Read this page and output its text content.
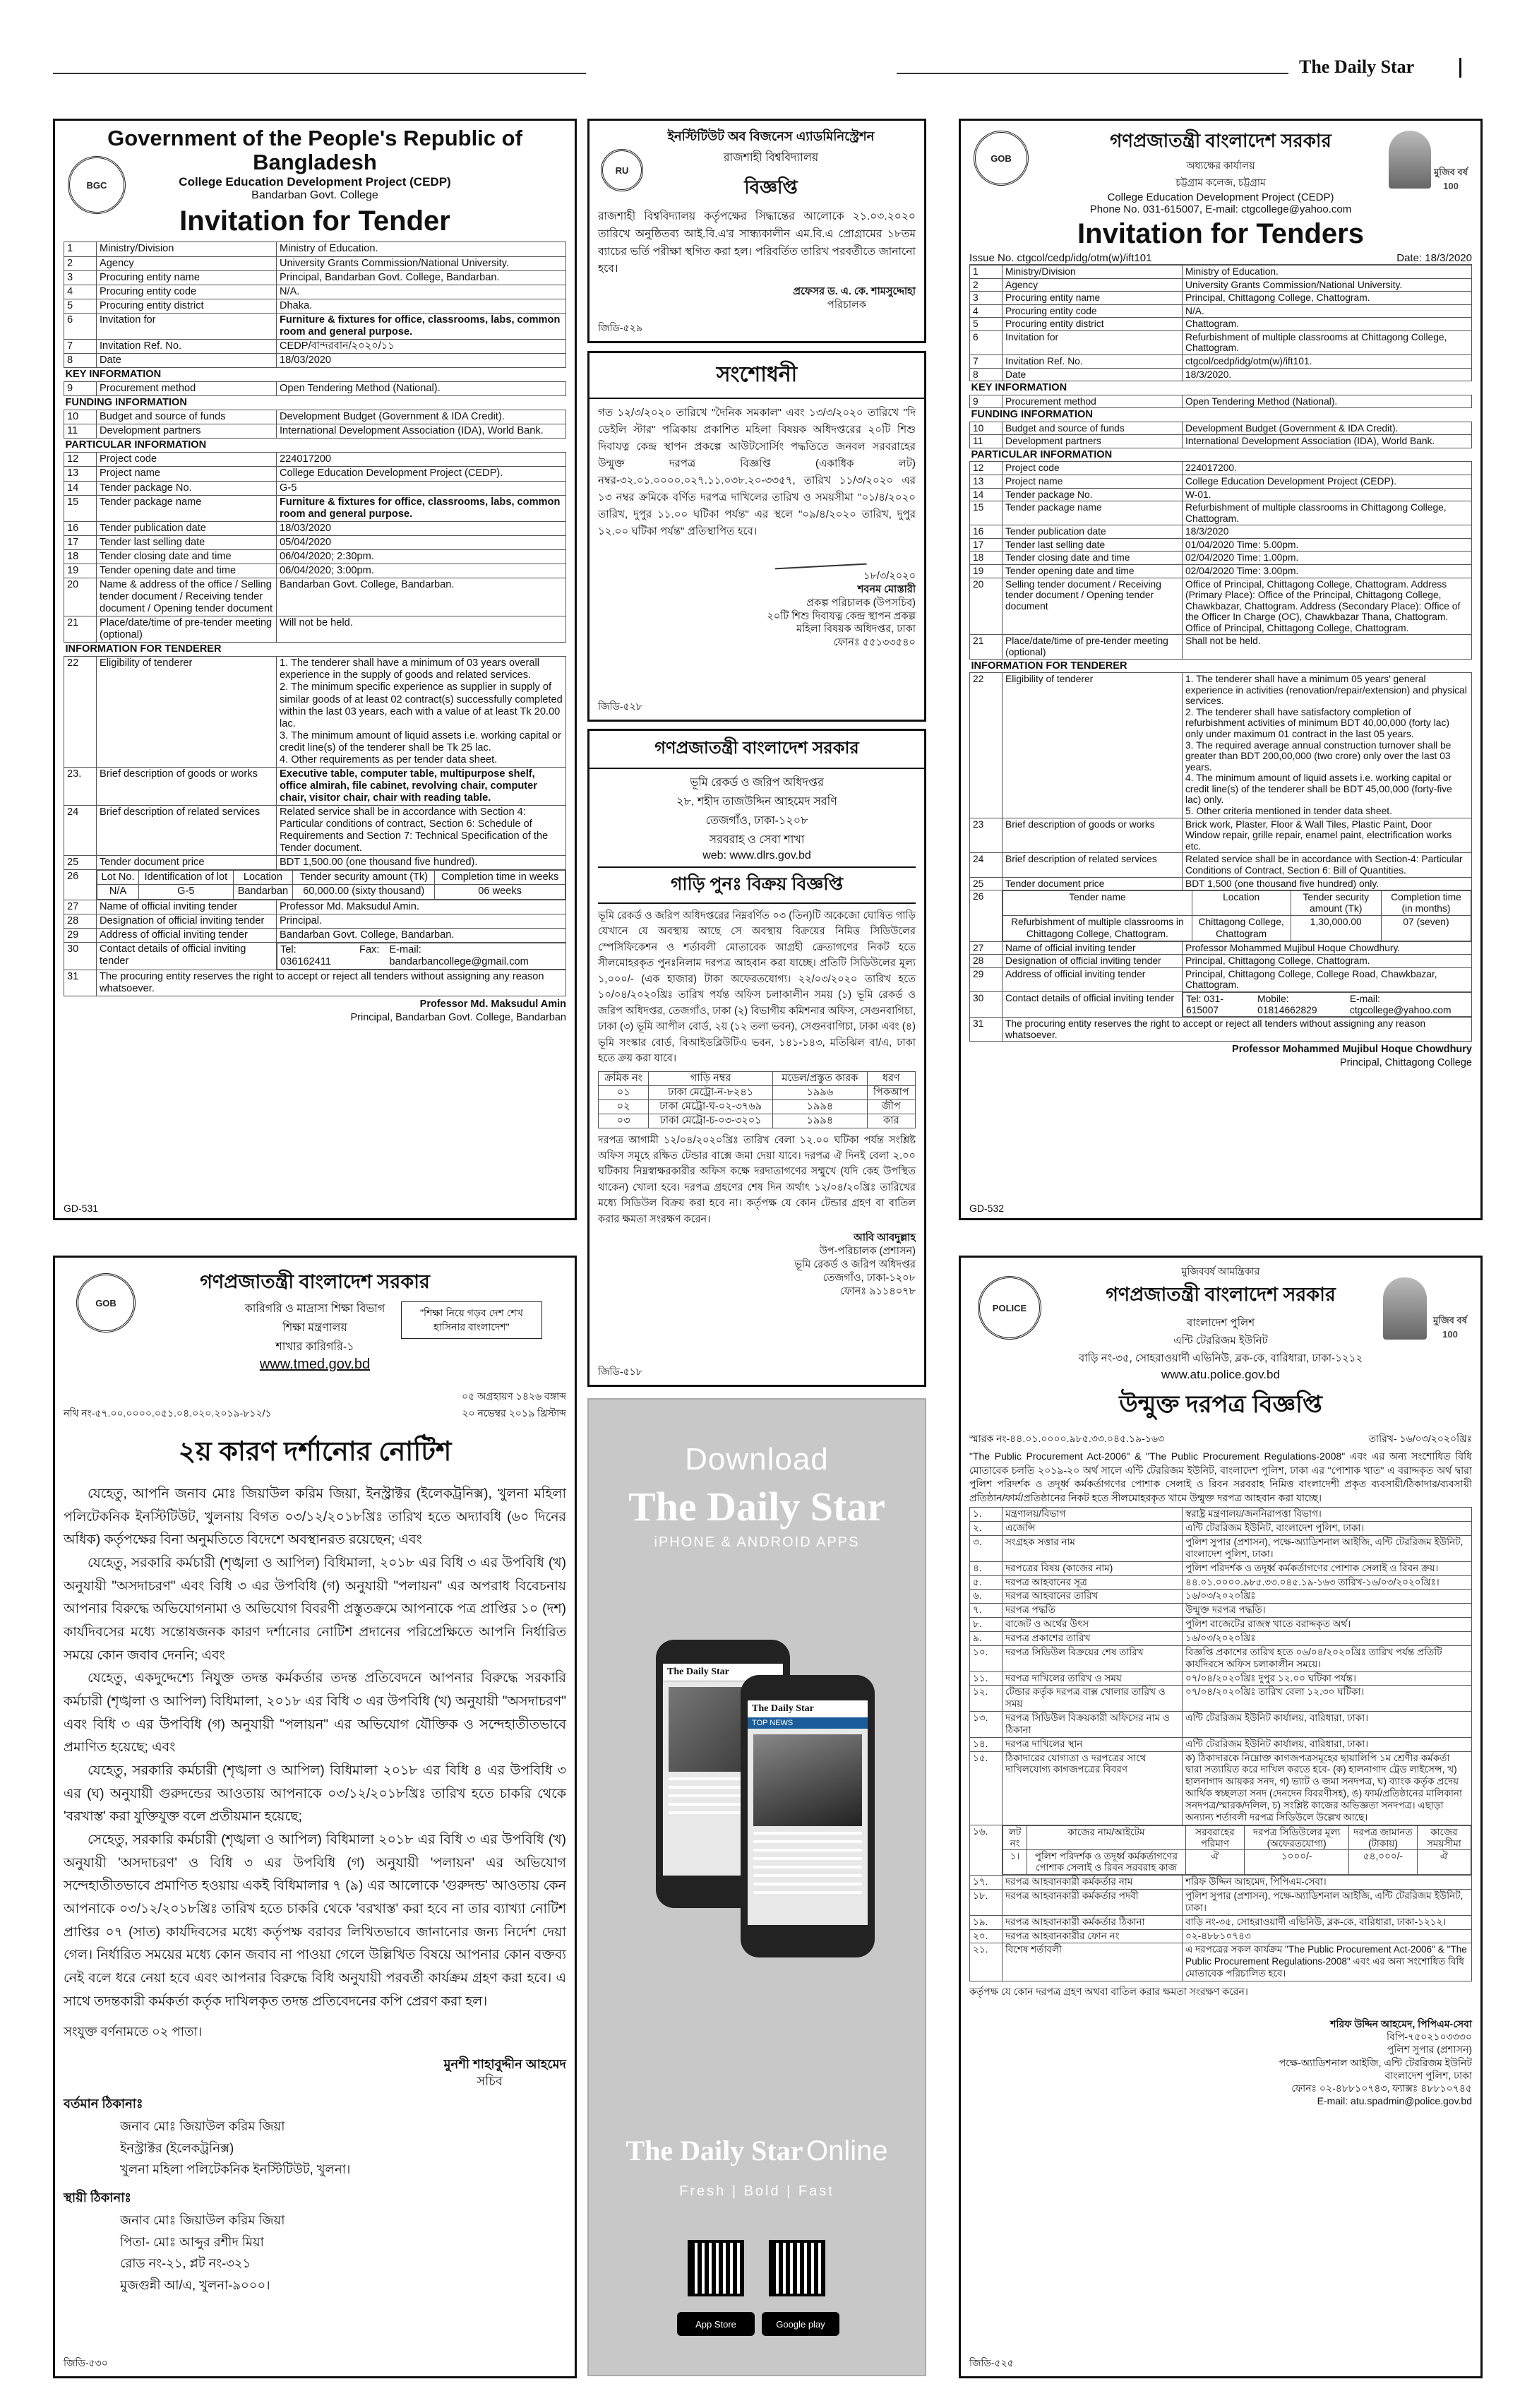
The Daily Star
BGC
Government of the People's Republic of Bangladesh
College Education Development Project (CEDP)
Bandarban Govt. College
Invitation for Tender
1	Ministry/Division	Ministry of Education.
2	Agency	University Grants Commission/National University.
3	Procuring entity name	Principal, Bandarban Govt. College, Bandarban.
4	Procuring entity code	N/A.
5	Procuring entity district	Dhaka.
6	Invitation for	Furniture & fixtures for office, classrooms, labs, common room and general purpose.
7	Invitation Ref. No.	CEDP/বান্দরবান/২০২০/১১
8	Date	18/03/2020
KEY INFORMATION
9	Procurement method	Open Tendering Method (National).
FUNDING INFORMATION
10	Budget and source of funds	Development Budget (Government & IDA Credit).
11	Development partners	International Development Association (IDA), World Bank.
PARTICULAR INFORMATION
12	Project code	224017200
13	Project name	College Education Development Project (CEDP).
14	Tender package No.	G-5
15	Tender package name	Furniture & fixtures for office, classrooms, labs, common room and general purpose.
16	Tender publication date	18/03/2020
17	Tender last selling date	05/04/2020
18	Tender closing date and time	06/04/2020; 2:30pm.
19	Tender opening date and time	06/04/2020; 3:00pm.
20	Name & address of the office / Selling tender document / Receiving tender document / Opening tender document	Bandarban Govt. College, Bandarban.
21	Place/date/time of pre-tender meeting (optional)	Will not be held.
INFORMATION FOR TENDERER
22	Eligibility of tenderer	1. The tenderer shall have a minimum of 03 years overall experience in the supply of goods and related services.
2. The minimum specific experience as supplier in supply of similar goods of at least 02 contract(s) successfully completed within the last 03 years, each with a value of at least Tk 20.00 lac.
3. The minimum amount of liquid assets i.e. working capital or credit line(s) of the tenderer shall be Tk 25 lac.
4. Other requirements as per tender data sheet.

23.	Brief description of goods or works	Executive table, computer table, multipurpose shelf, office almirah, file cabinet, revolving chair, computer chair, visitor chair, chair with reading table.
24	Brief description of related services	Related service shall be in accordance with Section 4: Particular conditions of contract, Section 6: Schedule of Requirements and Section 7: Technical Specification of the Tender document.
25	Tender document price	BDT 1,500.00 (one thousand five hundred).
26	Lot No.	Identification of lot	Location	Tender security amount (Tk)	Completion time in weeks
N/A	G-5	Bandarban	60,000.00 (sixty thousand)	06 weeks

27	Name of official inviting tender	Professor Md. Maksudul Amin.
28	Designation of official inviting tender	Principal.
29	Address of official inviting tender	Bandarban Govt. College, Bandarban.
30	Contact details of official inviting tender	
Tel: 036162411
Fax: E-mail: bandarbancollege@gmail.com

31	The procuring entity reserves the right to accept or reject all tenders without assigning any reason whatsoever.
Professor Md. Maksudul Amin
Principal, Bandarban Govt. College, Bandarban
GD-531
RU
ইনস্টিটিউট অব বিজনেস এ্যাডমিনিস্ট্রেশন
রাজশাহী বিশ্ববিদ্যালয়
বিজ্ঞপ্তি
রাজশাহী বিশ্ববিদ্যালয় কর্তৃপক্ষের সিদ্ধান্তের আলোকে ২১.০৩.২০২০ তারিখে অনুষ্ঠিতব্য আই.বি.এ'র সান্ধ্যকালীন এম.বি.এ প্রোগ্রামের ১৮তম ব্যাচের ভর্তি পরীক্ষা স্থগিত করা হল। পরিবর্তিত তারিখ পরবর্তীতে জানানো হবে।
প্রফেসর ড. এ. কে. শামসুদ্দোহা
পরিচালক
জিডি-৫২৯
সংশোধনী
গত ১২/৩/২০২০ তারিখে "দৈনিক সমকাল" এবং ১৩/৩/২০২০ তারিখে "দি ডেইলি স্টার" পত্রিকায় প্রকাশিত মহিলা বিষয়ক অধিদপ্তরের ২০টি শিশু দিবাযত্ন কেন্দ্র স্থাপন প্রকল্পে আউটসোর্সিং পদ্ধতিতে জনবল সরবরাহের উন্মুক্ত দরপত্র বিজ্ঞপ্তি (একাধিক লট) নম্বর-৩২.০১.০০০০.০২৭.১১.০৩৮.২০-৩৩৫৭, তারিখ ১১/৩/২০২০ এর ১৩ নম্বর ক্রমিকে বর্ণিত দরপত্র দাখিলের তারিখ ও সময়সীমা "০১/৪/২০২০ তারিখ, দুপুর ১১.০০ ঘটিকা পর্যন্ত" এর স্থলে "০৯/৪/২০২০ তারিখ, দুপুর ১২.০০ ঘটিকা পর্যন্ত" প্রতিস্থাপিত হবে।
১৮/৩/২০২০
শবনম মোস্তারী
প্রকল্প পরিচালক (উপসচিব)
২০টি শিশু দিবাযত্ন কেন্দ্র স্থাপন প্রকল্প
মহিলা বিষয়ক অধিদপ্তর, ঢাকা
ফোনঃ ৫৫১৩৩৫৪০
জিডি-৫২৮
গণপ্রজাতন্ত্রী বাংলাদেশ সরকার
ভূমি রেকর্ড ও জরিপ অধিদপ্তর
২৮, শহীদ তাজউদ্দিন আহমেদ সরণি
তেজগাঁও, ঢাকা-১২০৮
সরবরাহ ও সেবা শাখা
web: www.dlrs.gov.bd
গাড়ি পুনঃ বিক্রয় বিজ্ঞপ্তি
ভূমি রেকর্ড ও জরিপ অধিদপ্তরের নিম্নবর্ণিত ০৩ (তিন)টি অকেজো ঘোষিত গাড়ি যেখানে যে অবস্থায় আছে সে অবস্থায় বিক্রয়ের নিমিত্ত সিডিউলের স্পেসিফিকেশন ও শর্তাবলী মোতাবেক আগ্রহী ক্রেতাগণের নিকট হতে সীলমোহরকৃত পুনঃনিলাম দরপত্র আহবান করা যাচ্ছে। প্রতিটি সিডিউলের মূল্য ১,০০০/- (এক হাজার) টাকা অফেরতযোগ্য। ২২/০৩/২০২০ তারিখ হতে ১০/০৪/২০২০খ্রিঃ তারিখ পর্যন্ত অফিস চলাকালীন সময় (১) ভূমি রেকর্ড ও জরিপ অধিদপ্তর, তেজগাঁও, ঢাকা (২) বিভাগীয় কমিশনার অফিস, সেগুনবাগিচা, ঢাকা (৩) ভূমি আপীল বোর্ড, ২য় (১২ তলা ভবন), সেগুনবাগিচা, ঢাকা এবং (৪) ভূমি সংস্কার বোর্ড, বিআইডব্লিউটিএ ভবন, ১৪১-১৪৩, মতিঝিল বা/এ, ঢাকা হতে ক্রয় করা যাবে।
ক্রমিক নং	গাড়ি নম্বর	মডেল/প্রস্তুত কারক	ধরণ
০১	ঢাকা মেট্রো-ন-৮২৪১	১৯৯৬	পিকআপ
০২	ঢাকা মেট্রো-ঘ-০২-৩৭৬৯	১৯৯৪	জীপ
০৩	ঢাকা মেট্রো-চ-০৩-৩২০১	১৯৯৪	কার
দরপত্র আগামী ১২/০৪/২০২০খ্রিঃ তারিখ বেলা ১২.০০ ঘটিকা পর্যন্ত সংশ্লিষ্ট অফিস সমূহে রক্ষিত টেন্ডার বাক্সে জমা দেয়া যাবে। দরপত্র ঐ দিনই বেলা ২.০০ ঘটিকায় নিম্নস্বাক্ষরকারীর অফিস কক্ষে দরদাতাগণের সম্মুখে (যদি কেহ উপস্থিত থাকেন) খোলা হবে। দরপত্র গ্রহণের শেষ দিন অর্থাৎ ১২/০৪/২০খ্রিঃ তারিখের মধ্যে সিডিউল বিক্রয় করা হবে না। কর্তৃপক্ষ যে কোন টেন্ডার গ্রহণ বা বাতিল করার ক্ষমতা সংরক্ষণ করেন।
আবি আবদুল্লাহ
উপ-পরিচালক (প্রশাসন)
ভূমি রেকর্ড ও জরিপ অধিদপ্তর
তেজগাঁও, ঢাকা-১২০৮
ফোনঃ ৯১১৪০৭৮
জিডি-৫১৮
GOB
মুজিব বর্ষ 100
গণপ্রজাতন্ত্রী বাংলাদেশ সরকার
অধ্যক্ষের কার্যালয়
চট্টগ্রাম কলেজ, চট্টগ্রাম
College Education Development Project (CEDP)
Phone No. 031-615007, E-mail: ctgcollege@yahoo.com
Invitation for Tenders
Issue No. ctgcol/cedp/idg/otm(w)/ift101	Date: 18/3/2020
1	Ministry/Division	Ministry of Education.
2	Agency	University Grants Commission/National University.
3	Procuring entity name	Principal, Chittagong College, Chattogram.
4	Procuring entity code	N/A.
5	Procuring entity district	Chattogram.
6	Invitation for	Refurbishment of multiple classrooms at Chittagong College, Chattogram.
7	Invitation Ref. No.	ctgcol/cedp/idg/otm(w)/ift101.
8	Date	18/3/2020.
KEY INFORMATION
9	Procurement method	Open Tendering Method (National).
FUNDING INFORMATION
10	Budget and source of funds	Development Budget (Government & IDA Credit).
11	Development partners	International Development Association (IDA), World Bank.
PARTICULAR INFORMATION
12	Project code	224017200.
13	Project name	College Education Development Project (CEDP).
14	Tender package No.	W-01.
15	Tender package name	Refurbishment of multiple classrooms in Chittagong College, Chattogram.
16	Tender publication date	18/3/2020
17	Tender last selling date	01/04/2020 Time: 5.00pm.
18	Tender closing date and time	02/04/2020 Time: 1.00pm.
19	Tender opening date and time	02/04/2020 Time: 3.00pm.
20	Selling tender document / Receiving tender document / Opening tender document	Office of Principal, Chittagong College, Chattogram. Address (Primary Place): Office of the Principal, Chittagong College, Chawkbazar, Chattogram. Address (Secondary Place): Office of the Officer In Charge (OC), Chawkbazar Thana, Chattogram. Office of Principal, Chittagong College, Chattogram.
21	Place/date/time of pre-tender meeting (optional)	Shall not be held.
INFORMATION FOR TENDERER
22	Eligibility of tenderer	1. The tenderer shall have a minimum 05 years' general experience in activities (renovation/repair/extension) and physical services.
2. The tenderer shall have satisfactory completion of refurbishment activities of minimum BDT 40,00,000 (forty lac) only under maximum 01 contract in the last 05 years.
3. The required average annual construction turnover shall be greater than BDT 200,00,000 (two crore) only over the last 03 years.
4. The minimum amount of liquid assets i.e. working capital or credit line(s) of the tenderer shall be BDT 45,00,000 (forty-five lac) only.
5. Other criteria mentioned in tender data sheet.

23	Brief description of goods or works	Brick work, Plaster, Floor & Wall Tiles, Plastic Paint, Door Window repair, grille repair, enamel paint, electrification works etc.
24	Brief description of related services	Related service shall be in accordance with Section-4: Particular Conditions of Contract, Section 6: Bill of Quantities.
25	Tender document price	BDT 1,500 (one thousand five hundred) only.
26		Tender name	Location	Tender security amount (Tk)	Completion time (in months)
Refurbishment of multiple classrooms in Chittagong College, Chattogram.	Chittagong College, Chattogram	1,30,000.00	07 (seven)

27	Name of official inviting tender	Professor Mohammed Mujibul Hoque Chowdhury.
28	Designation of official inviting tender	Principal, Chittagong College, Chattogram.
29	Address of official inviting tender	Principal, Chittagong College, College Road, Chawkbazar, Chattogram.
30	Contact details of official inviting tender	Tel: 031-615007
Mobile: 01814662829
E-mail: ctgcollege@yahoo.com

31	The procuring entity reserves the right to accept or reject all tenders without assigning any reason whatsoever.
Professor Mohammed Mujibul Hoque Chowdhury
Principal, Chittagong College
GD-532
GOB
গণপ্রজাতন্ত্রী বাংলাদেশ সরকার
কারিগরি ও মাদ্রাসা শিক্ষা বিভাগ
শিক্ষা মন্ত্রণালয়
শাখার কারিগরি-১
www.tmed.gov.bd
"শিক্ষা নিয়ে গড়ব দেশ শেখ হাসিনার বাংলাদেশ"
নথি নং-৫৭.০০.০০০০.০৫১.০৪.০২০.২০১৯-৮১২/১
০৫ অগ্রহায়ণ ১৪২৬ বঙ্গাব্দ
২০ নভেম্বর ২০১৯ খ্রিস্টাব্দ
২য় কারণ দর্শানোর নোটিশ

যেহেতু, আপনি জনাব মোঃ জিয়াউল করিম জিয়া, ইনস্ট্রাক্টর (ইলেকট্রনিক্স), খুলনা মহিলা পলিটেকনিক ইনস্টিটিউট, খুলনায় বিগত ০৩/১২/২০১৮খ্রিঃ তারিখ হতে অদ্যাবধি (৬০ দিনের অধিক) কর্তৃপক্ষের বিনা অনুমতিতে বিদেশে অবস্থানরত রয়েছেন; এবং

যেহেতু, সরকারি কর্মচারী (শৃঙ্খলা ও আপিল) বিধিমালা, ২০১৮ এর বিধি ৩ এর উপবিধি (খ) অনুযায়ী "অসদাচরণ" এবং বিধি ৩ এর উপবিধি (গ) অনুযায়ী "পলায়ন" এর অপরাধ বিবেচনায় আপনার বিরুদ্ধে অভিযোগনামা ও অভিযোগ বিবরণী প্রস্তুতক্রমে আপনাকে পত্র প্রাপ্তির ১০ (দশ) কার্যদিবসের মধ্যে সন্তোষজনক কারণ দর্শানোর নোটিশ প্রদানের পরিপ্রেক্ষিতে আপনি নির্ধারিত সময়ে কোন জবাব দেননি; এবং

যেহেতু, একদুদ্দেশ্যে নিযুক্ত তদন্ত কর্মকর্তার তদন্ত প্রতিবেদনে আপনার বিরুদ্ধে সরকারি কর্মচারী (শৃঙ্খলা ও আপিল) বিধিমালা, ২০১৮ এর বিধি ৩ এর উপবিধি (খ) অনুযায়ী "অসদাচরণ" এবং বিধি ৩ এর উপবিধি (গ) অনুযায়ী "পলায়ন" এর অভিযোগ যৌক্তিক ও সন্দেহাতীতভাবে প্রমাণিত হয়েছে; এবং

যেহেতু, সরকারি কর্মচারী (শৃঙ্খলা ও আপিল) বিধিমালা ২০১৮ এর বিধি ৪ এর উপবিধি ৩ এর (ঘ) অনুযায়ী গুরুদন্ডের আওতায় আপনাকে ০৩/১২/২০১৮খ্রিঃ তারিখ হতে চাকরি থেকে 'বরখাস্ত' করা যুক্তিযুক্ত বলে প্রতীয়মান হয়েছে;

সেহেতু, সরকারি কর্মচারী (শৃঙ্খলা ও আপিল) বিধিমালা ২০১৮ এর বিধি ৩ এর উপবিধি (খ) অনুযায়ী 'অসদাচরণ' ও বিধি ৩ এর উপবিধি (গ) অনুযায়ী 'পলায়ন' এর অভিযোগ সন্দেহাতীতভাবে প্রমাণিত হওয়ায় একই বিধিমালার ৭ (৯) এর আলোকে 'গুরুদন্ড' আওতায় কেন আপনাকে ০৩/১২/২০১৮খ্রিঃ তারিখ হতে চাকরি থেকে 'বরখাস্ত' করা হবে না তার ব্যাখ্যা নোটিশ প্রাপ্তির ০৭ (সাত) কার্যদিবসের মধ্যে কর্তৃপক্ষ বরাবর লিখিতভাবে জানানোর জন্য নির্দেশ দেয়া গেল। নির্ধারিত সময়ের মধ্যে কোন জবাব না পাওয়া গেলে উল্লিখিত বিষয়ে আপনার কোন বক্তব্য নেই বলে ধরে নেয়া হবে এবং আপনার বিরুদ্ধে বিধি অনুযায়ী পরবর্তী কার্যক্রম গ্রহণ করা হবে। এ সাথে তদন্তকারী কর্মকর্তা কর্তৃক দাখিলকৃত তদন্ত প্রতিবেদনের কপি প্রেরণ করা হল।

সংযুক্ত বর্ণনামতে ০২ পাতা।
মুনশী শাহাবুদ্দীন আহমেদ
সচিব
বর্তমান ঠিকানাঃ
জনাব মোঃ জিয়াউল করিম জিয়া
ইনস্ট্রাক্টর (ইলেকট্রনিক্স)
খুলনা মহিলা পলিটেকনিক ইনস্টিটিউট, খুলনা।
স্থায়ী ঠিকানাঃ
জনাব মোঃ জিয়াউল করিম জিয়া
পিতা- মোঃ আব্দুর রশীদ মিয়া
রোড নং-২১, প্লট নং-৩২১
মুজগুন্নী আ/এ, খুলনা-৯০০০।
জিডি-৫৩০
Download
The Daily Star
iPHONE & ANDROID APPS
The Daily Star
The Daily Star
TOP NEWS
The Daily Star Online
Fresh | Bold | Fast
App Store	Google play
POLICE
মুজিব বর্ষ 100
মুজিববর্ষ আমন্ত্রিকার
গণপ্রজাতন্ত্রী বাংলাদেশ সরকার
বাংলাদেশ পুলিশ
এন্টি টেররিজম ইউনিট
বাড়ি নং-৩৫, সোহরাওয়ার্দী এভিনিউ, ব্লক-কে, বারিধারা, ঢাকা-১২১২
www.atu.police.gov.bd
উন্মুক্ত দরপত্র বিজ্ঞপ্তি
স্মারক নং-৪৪.০১.০০০০.৯৮৫.৩৩.০৪৫.১৯-১৬৩	তারিখ- ১৬/০৩/২০২০খ্রিঃ
"The Public Procurement Act-2006" & "The Public Procurement Regulations-2008" এবং এর অন্য সংশোধিত বিধি মোতাবেক চলতি ২০১৯-২০ অর্থ সালে এন্টি টেররিজম ইউনিট, বাংলাদেশ পুলিশ, ঢাকা এর "পোশাক খাত" এ বরাদ্দকৃত অর্থ দ্বারা পুলিশ পরিদর্শক ও তদূর্ধ্ব কর্মকর্তাগণের পোশাক সেলাই ও রিবন সরবরাহ নিমিত্ত বাংলাদেশী প্রকৃত ব্যবসায়ী/ঠিকাদার/ব্যবসায়ী প্রতিষ্ঠান/ফার্ম/প্রতিষ্ঠানের নিকট হতে সীলমোহরকৃত খামে উন্মুক্ত দরপত্র আহবান করা যাচ্ছে।
১.	মন্ত্রণালয়/বিভাগ	স্বরাষ্ট্র মন্ত্রণালয়/জননিরাপত্তা বিভাগ।
২.	এজেন্সি	এন্টি টেররিজম ইউনিট, বাংলাদেশ পুলিশ, ঢাকা।
৩.	সংগ্রহক সত্তার নাম	পুলিশ সুপার (প্রশাসন), পক্ষে-অ্যাডিশনাল আইজি, এন্টি টেররিজম ইউনিট, বাংলাদেশ পুলিশ, ঢাকা।
৪.	দরপত্রের বিষয় (কাজের নাম)	পুলিশ পরিদর্শক ও তদূর্ধ্ব কর্মকর্তাগণের পোশাক সেলাই ও রিবন ক্রয়।
৫.	দরপত্র আহবানের সূত্র	৪৪.০১.০০০০.৯৮৫.৩৩.০৪৫.১৯-১৬৩ তারিখ-১৬/০৩/২০২০খ্রিঃ।
৬.	দরপত্র আহবানের তারিখ	১৬/০৩/২০২০খ্রিঃ
৭.	দরপত্র পদ্ধতি	উন্মুক্ত দরপত্র পদ্ধতি।
৮.	বাজেট ও অর্থের উৎস	পুলিশ বাজেটের রাজস্ব খাতে বরাদ্দকৃত অর্থ।
৯.	দরপত্র প্রকাশের তারিখ	১৬/০৩/২০২০খ্রিঃ
১০.	দরপত্র সিডিউল বিক্রয়ের শেষ তারিখ	বিজ্ঞপ্তি প্রকাশের তারিখ হতে ০৬/০৪/২০২০খ্রিঃ তারিখ পর্যন্ত প্রতিটি কার্যদিবসে অফিস চলাকালীন সময়ে।
১১.	দরপত্র দাখিলের তারিখ ও সময়	০৭/০৪/২০২০খ্রিঃ দুপুর ১২.০০ ঘটিকা পর্যন্ত।
১২.	টেন্ডার কর্তৃক দরপত্র বাক্স খোলার তারিখ ও সময়	০৭/০৪/২০২০খ্রিঃ তারিখ বেলা ১২.৩০ ঘটিকা।
১৩.	দরপত্র সিডিউল বিক্রয়কারী অফিসের নাম ও ঠিকানা	এন্টি টেররিজম ইউনিট কার্যালয়, বারিধারা, ঢাকা।
১৪.	দরপত্র দাখিলের স্থান	এন্টি টেররিজম ইউনিট কার্যালয়, বারিধারা, ঢাকা।
১৫.	ঠিকাদারের যোগ্যতা ও দরপত্রের সাথে দাখিলযোগ্য কাগজপত্রের বিবরণ	ক) ঠিকাদারকে নিম্নোক্ত কাগজপত্রসমূহের ছায়ালিপি ১ম শ্রেণীর কর্মকর্তা দ্বারা সত্যায়িত করে দাখিল করতে হবে- (ক) হালনাগাদ ট্রেড লাইসেন্স, খ) হালনাগাদ আয়কর সনদ, গ) ভ্যাট ও জমা সনদপত্র, ঘ) ব্যাংক কর্তৃক প্রদেয় আর্থিক স্বচ্ছলতা সনদ (দেনদেন বিবরণীসহ), ঙ) ফার্ম/প্রতিষ্ঠানের মালিকানা সনদপত্র/স্মারক/দলিল, চ) সংশ্লিষ্ট কাজের অভিজ্ঞতা সনদপত্র। এছাড়া অন্যান্য শর্তাবলী দরপত্র সিডিউলে উল্লেখ আছে।
১৬.	লট নং	কাজের নাম/আইটেম	সরবরাহের পরিমাণ	দরপত্র সিডিউলের মূল্য (অফেরতযোগ্য)	দরপত্র জামানত (টাকায়)	কাজের সময়সীমা
১।	পুলিশ পরিদর্শক ও তদূর্ধ্ব কর্মকর্তাগণের পোশাক সেলাই ও রিবন সরবরাহ কাজ	ঐ	১০০০/-	৫৪,০০০/-	ঐ

১৭.	দরপত্র আহবানকারী কর্মকর্তার নাম	শরিফ উদ্দিন আহমেদ, পিপিএম-সেবা।
১৮.	দরপত্র আহবানকারী কর্মকর্তার পদবী	পুলিশ সুপার (প্রশাসন), পক্ষে-অ্যাডিশনাল আইজি, এন্টি টেররিজম ইউনিট, ঢাকা।
১৯.	দরপত্র আহবানকারী কর্মকর্তার ঠিকানা	বাড়ি নং-৩৫, সোহরাওয়ার্দী এভিনিউ, ব্লক-কে, বারিধারা, ঢাকা-১২১২।
২০.	দরপত্র আহবানকারীর ফোন নং	০২-৪৮৮১০৭৪৩
২১.	বিশেষ শর্তাবলী	এ দরপত্রের সকল কার্যক্রম "The Public Procurement Act-2006" & "The Public Procurement Regulations-2008" এবং এর অন্য সংশোধিত বিধি মোতাবেক পরিচালিত হবে।
কর্তৃপক্ষ যে কোন দরপত্র গ্রহণ অথবা বাতিল করার ক্ষমতা সংরক্ষণ করেন।
শরিফ উদ্দিন আহমেদ, পিপিএম-সেবা
বিপি-৭৫০২১০৩৩৩০
পুলিশ সুপার (প্রশাসন)
পক্ষে-অ্যাডিশনাল আইজি, এন্টি টেররিজম ইউনিট
বাংলাদেশ পুলিশ, ঢাকা
ফোনঃ ০২-৪৮৮১০৭৪৩, ফ্যাক্সঃ ৪৮৮১০৭৪৫
E-mail: atu.spadmin@police.gov.bd
জিডি-৫২৫
